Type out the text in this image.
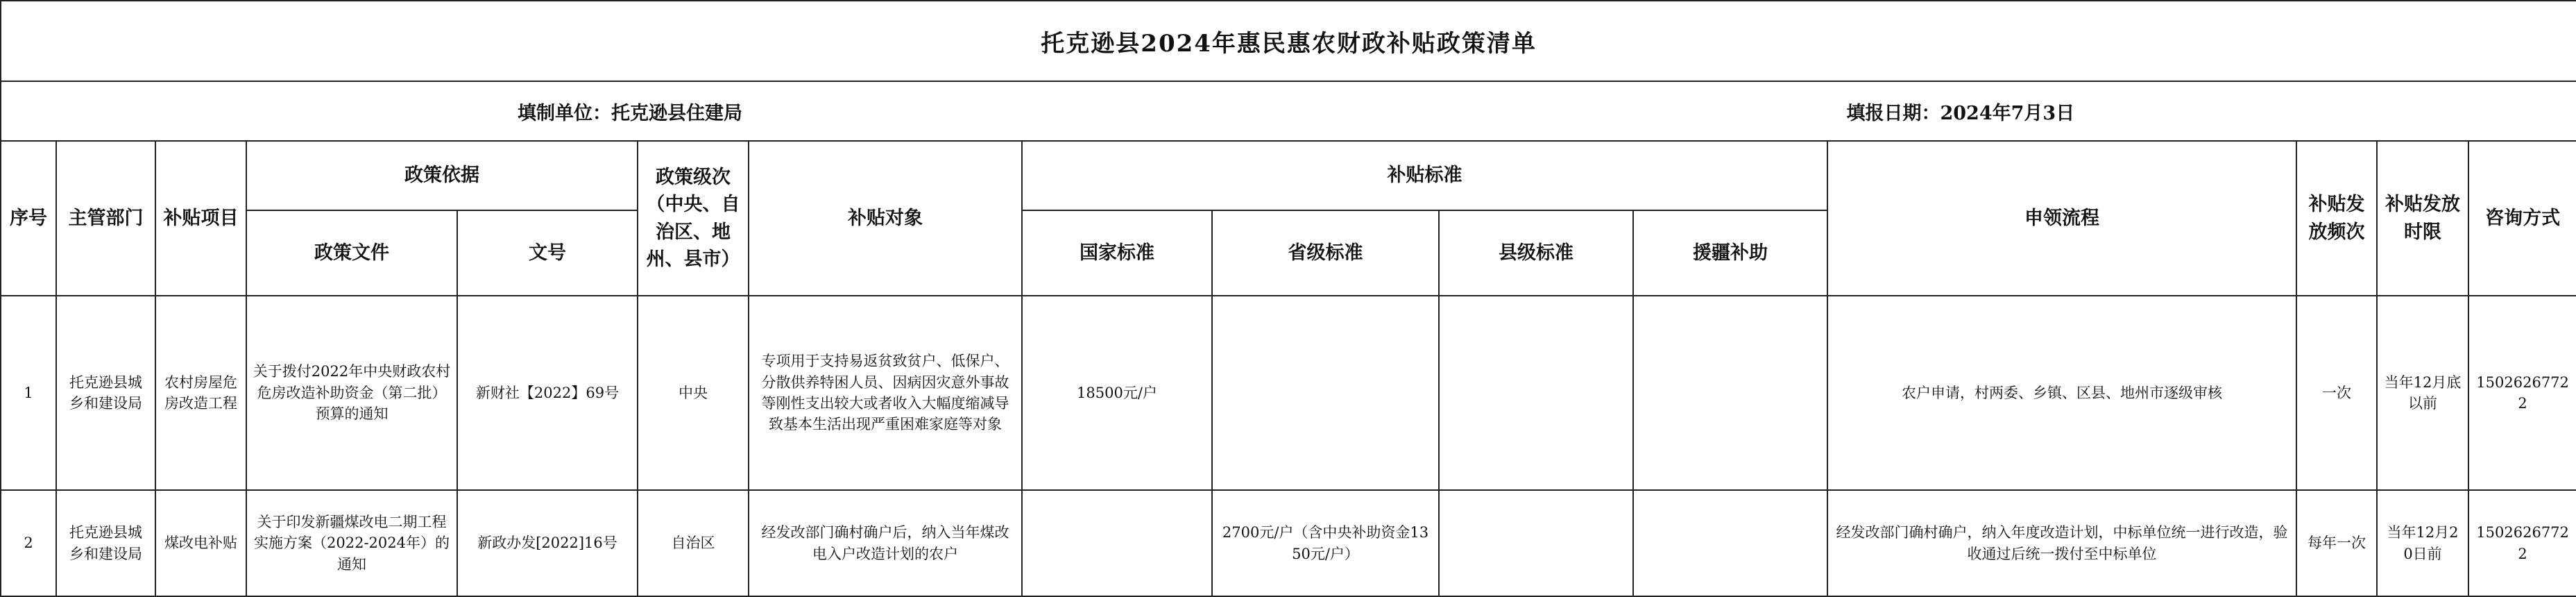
托克逊县2024年惠民惠农财政补贴政策清单														

填制单位：托克逊县住建局 填报日期：2024年7月3日														

序号	主管部门	补贴项目	政策依据		政策级次（中央、自治区、地州、县市）	补贴对象	补贴标准				申领流程	补贴发放频次	补贴发放时限	咨询方式
			政策文件	文号			国家标准	省级标准	县级标准	援疆补助				
1	托克逊县城乡和建设局	农村房屋危房改造工程	关于拨付2022年中央财政农村危房改造补助资金（第二批）预算的通知	新财社【2022】69号	中央	专项用于支持易返贫致贫户、低保户、分散供养特困人员、因病因灾意外事故等刚性支出较大或者收入大幅度缩减导致基本生活出现严重困难家庭等对象	18500元/户				农户申请，村两委、乡镇、区县、地州市逐级审核	一次	当年12月底以前	15026267722
2	托克逊县城乡和建设局	煤改电补贴	关于印发新疆煤改电二期工程实施方案（2022-2024年）的通知	新政办发[2022]16号	自治区	经发改部门确村确户后，纳入当年煤改电入户改造计划的农户		2700元/户（含中央补助资金1350元/户）			经发改部门确村确户，纳入年度改造计划，中标单位统一进行改造，验收通过后统一拨付至中标单位	每年一次	当年12月20日前	15026267722
